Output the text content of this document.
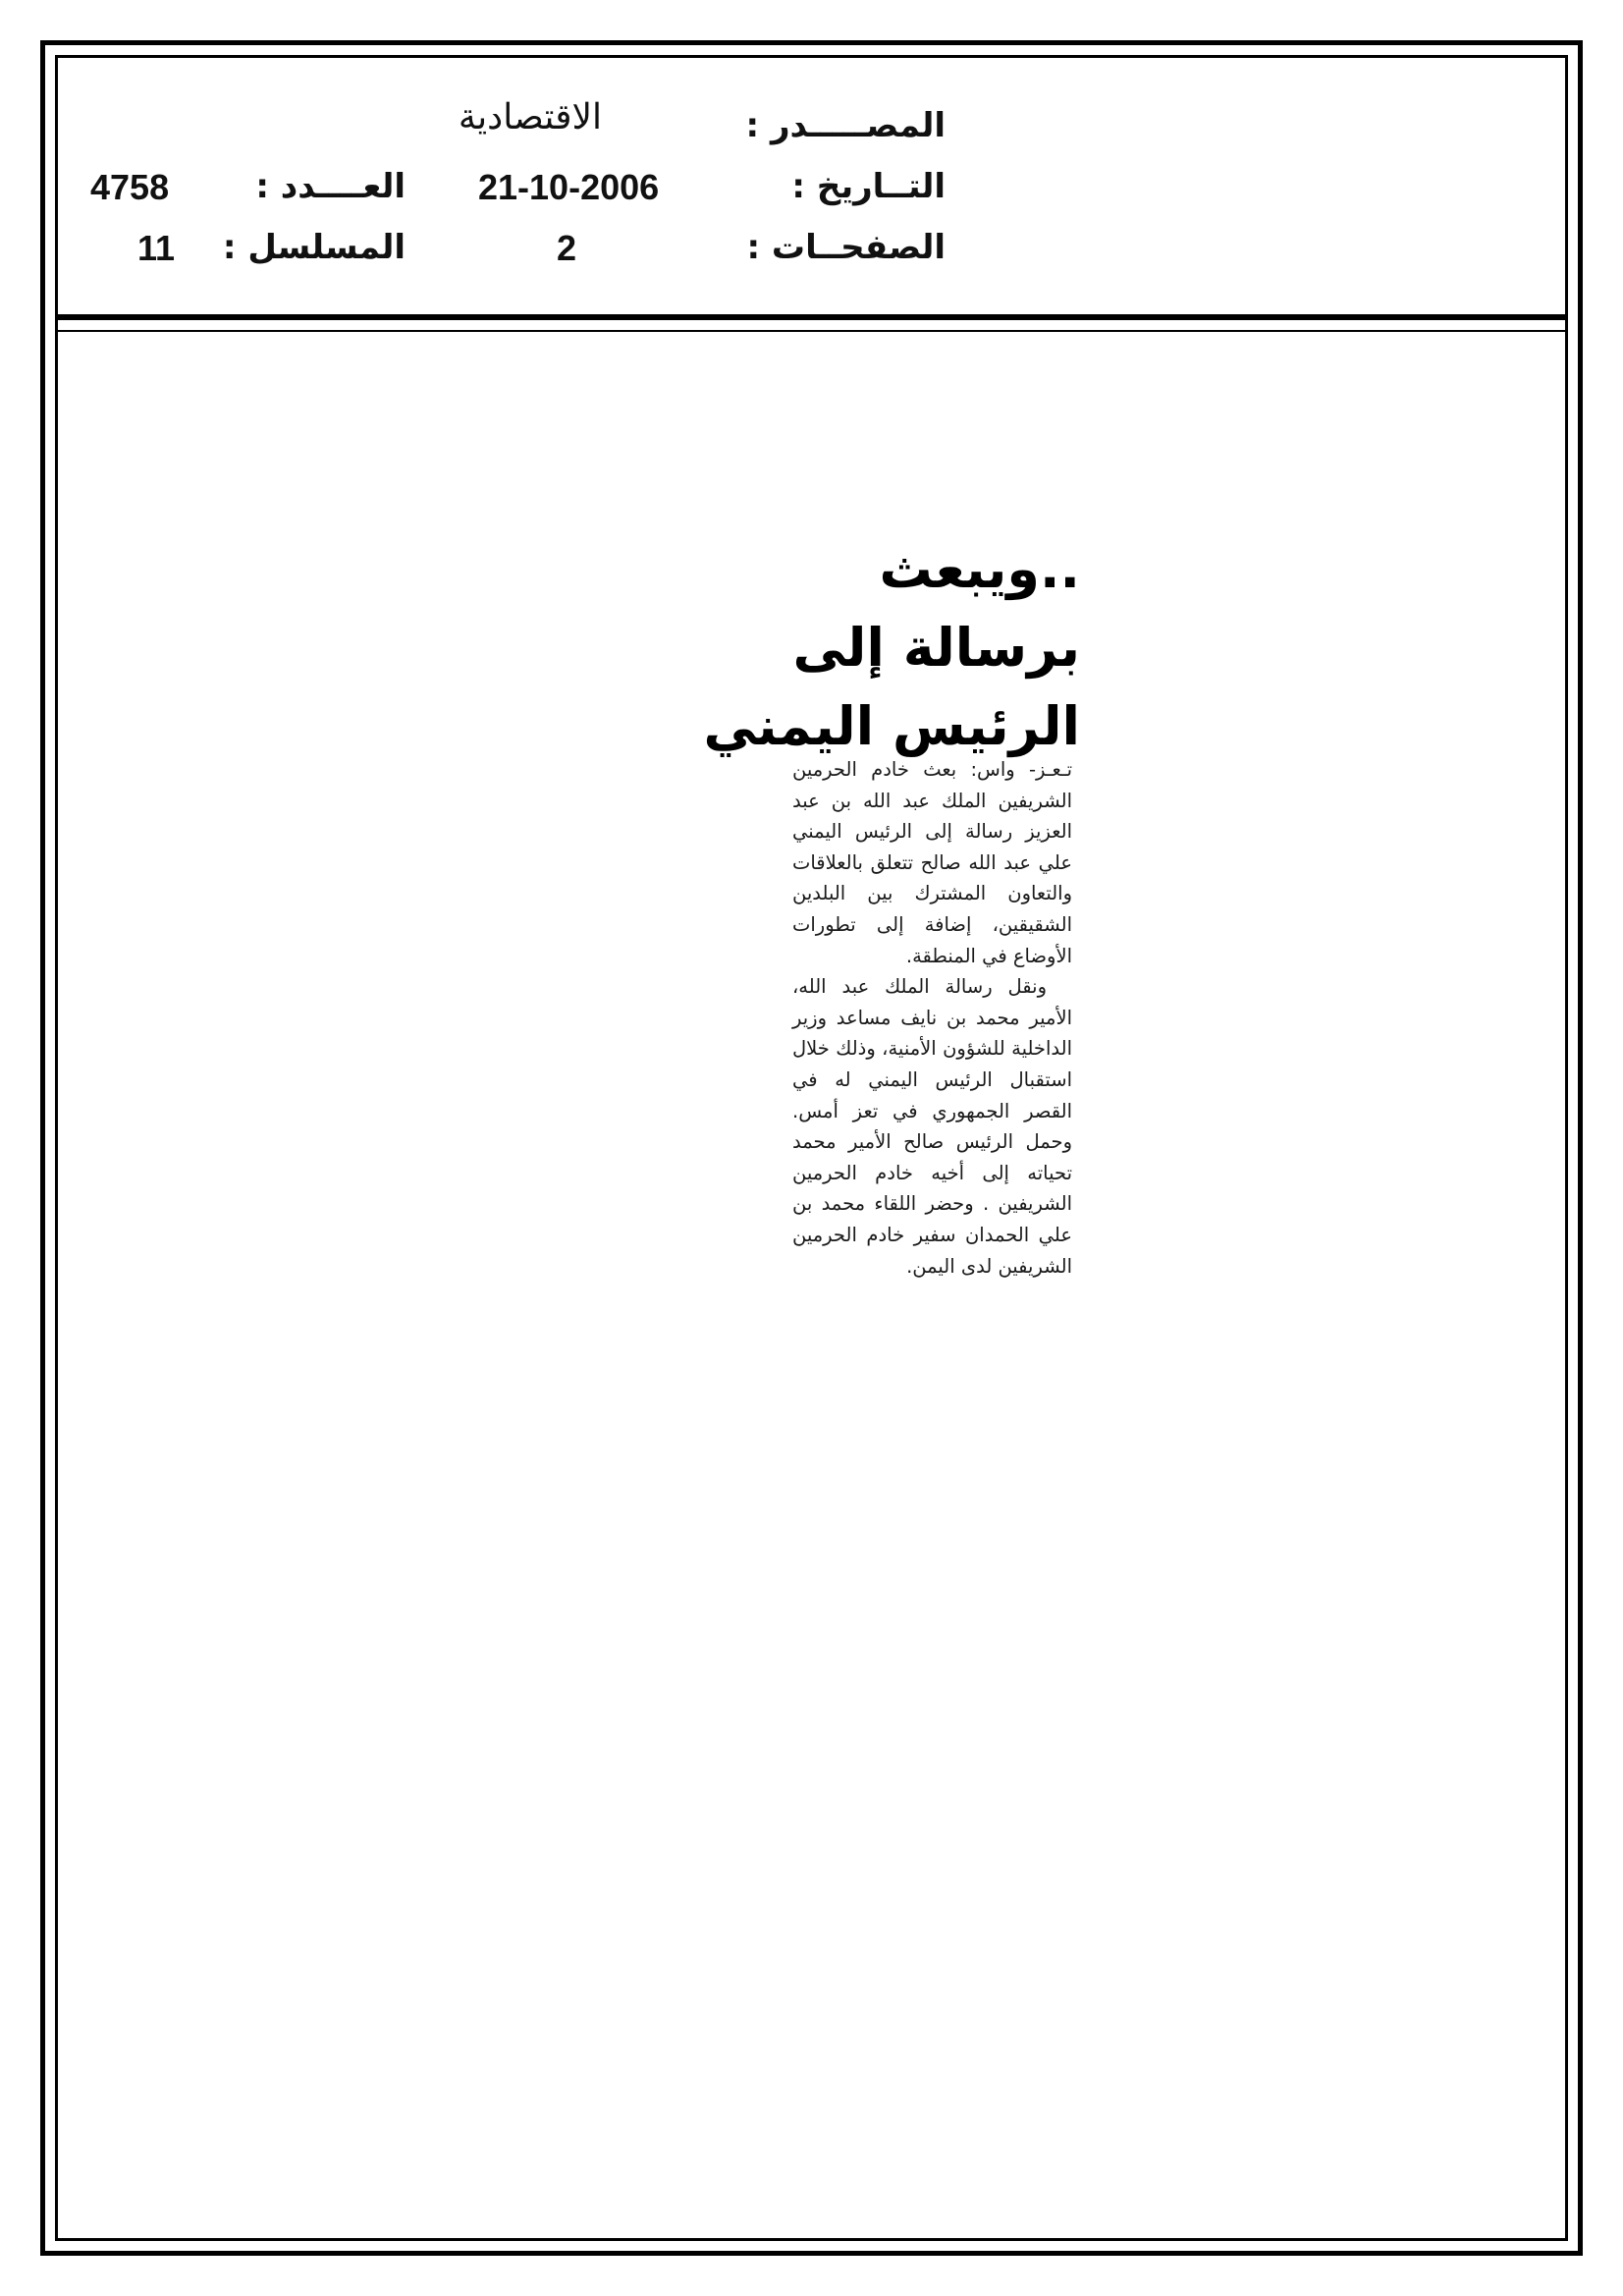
المصـــــدر :
الاقتصادية
التــاريخ :
21-10-2006
الصفحــات :
2
العــــدد :
4758
المسلسل :
11
..ويبعث
برسالة إلى
الرئيس اليمني

تـعـز- واس: بعث خادم الحرمين الشريفين الملك عبد الله بن عبد العزيز رسالة إلى الرئيس اليمني علي عبد الله صالح تتعلق بالعلاقات والتعاون المشترك بين البلدين الشقيقين، إضافة إلى تطورات الأوضاع في المنطقة.

ونقل رسالة الملك عبد الله، الأمير محمد بن نايف مساعد وزير الداخلية للشؤون الأمنية، وذلك خلال استقبال الرئيس اليمني له في القصر الجمهوري في تعز أمس. وحمل الرئيس صالح الأمير محمد تحياته إلى أخيه خادم الحرمين الشريفين . وحضر اللقاء محمد بن علي الحمدان سفير خادم الحرمين الشريفين لدى اليمن.
